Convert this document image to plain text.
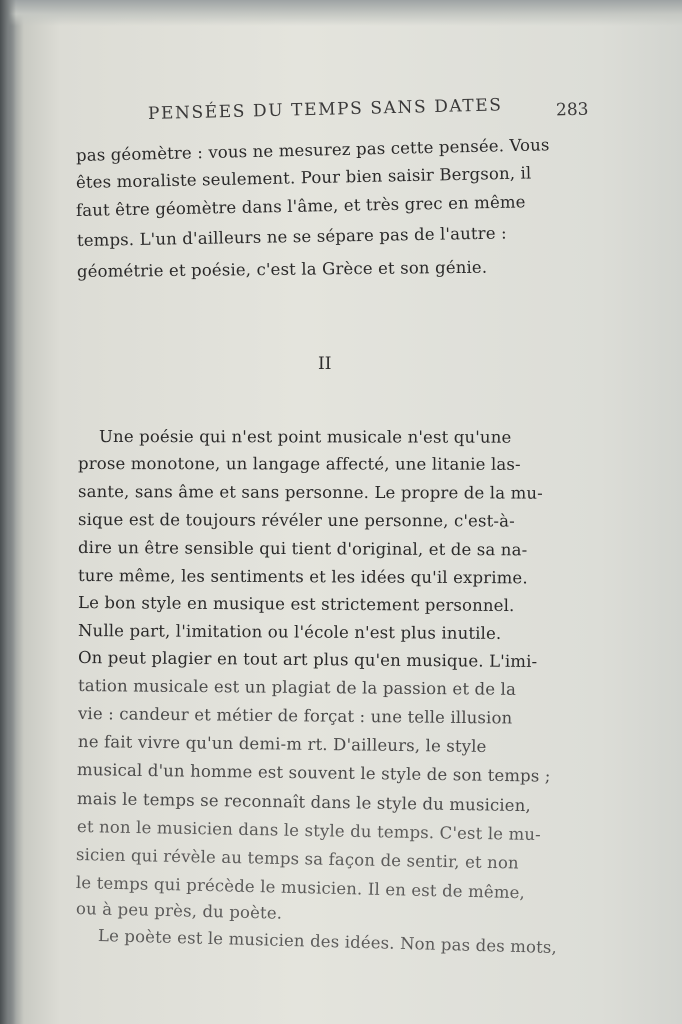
PENSÉES DU TEMPS SANS DATES	283
pas géomètre : vous ne mesurez pas cette pensée. Vous
êtes moraliste seulement. Pour bien saisir Bergson, il
faut être géomètre dans l'âme, et très grec en même
temps. L'un d'ailleurs ne se sépare pas de l'autre :
géométrie et poésie, c'est la Grèce et son génie.
II
Une poésie qui n'est point musicale n'est qu'une
prose monotone, un langage affecté, une litanie las-
sante, sans âme et sans personne. Le propre de la mu-
sique est de toujours révéler une personne, c'est-à-
dire un être sensible qui tient d'original, et de sa na-
ture même, les sentiments et les idées qu'il exprime.
Le bon style en musique est strictement personnel.
Nulle part, l'imitation ou l'école n'est plus inutile.
On peut plagier en tout art plus qu'en musique. L'imi-
tation musicale est un plagiat de la passion et de la
vie : candeur et métier de forçat : une telle illusion
ne fait vivre qu'un demi-m rt. D'ailleurs, le style
musical d'un homme est souvent le style de son temps ;
mais le temps se reconnaît dans le style du musicien,
et non le musicien dans le style du temps. C'est le mu-
sicien qui révèle au temps sa façon de sentir, et non
le temps qui précède le musicien. Il en est de même,
ou à peu près, du poète.
Le poète est le musicien des idées. Non pas des mots,
